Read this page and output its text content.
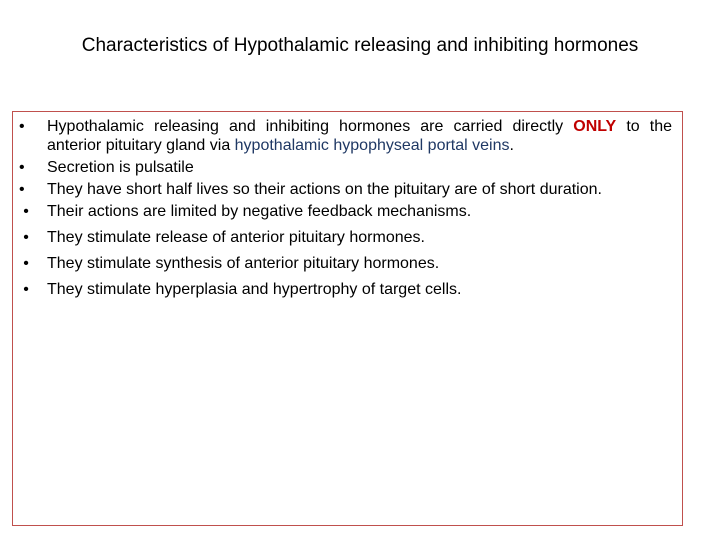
Characteristics of Hypothalamic releasing and inhibiting hormones
•	Hypothalamic releasing and inhibiting hormones are carried directly ONLY to the anterior pituitary gland via hypothalamic hypophyseal portal veins.
•	Secretion is pulsatile
•	They have short half lives so their actions on the pituitary are of short duration.
• Their actions are limited by negative feedback mechanisms.
• They stimulate release of anterior pituitary hormones.
• They stimulate synthesis of anterior pituitary hormones.
• They stimulate hyperplasia and hypertrophy of target cells.
